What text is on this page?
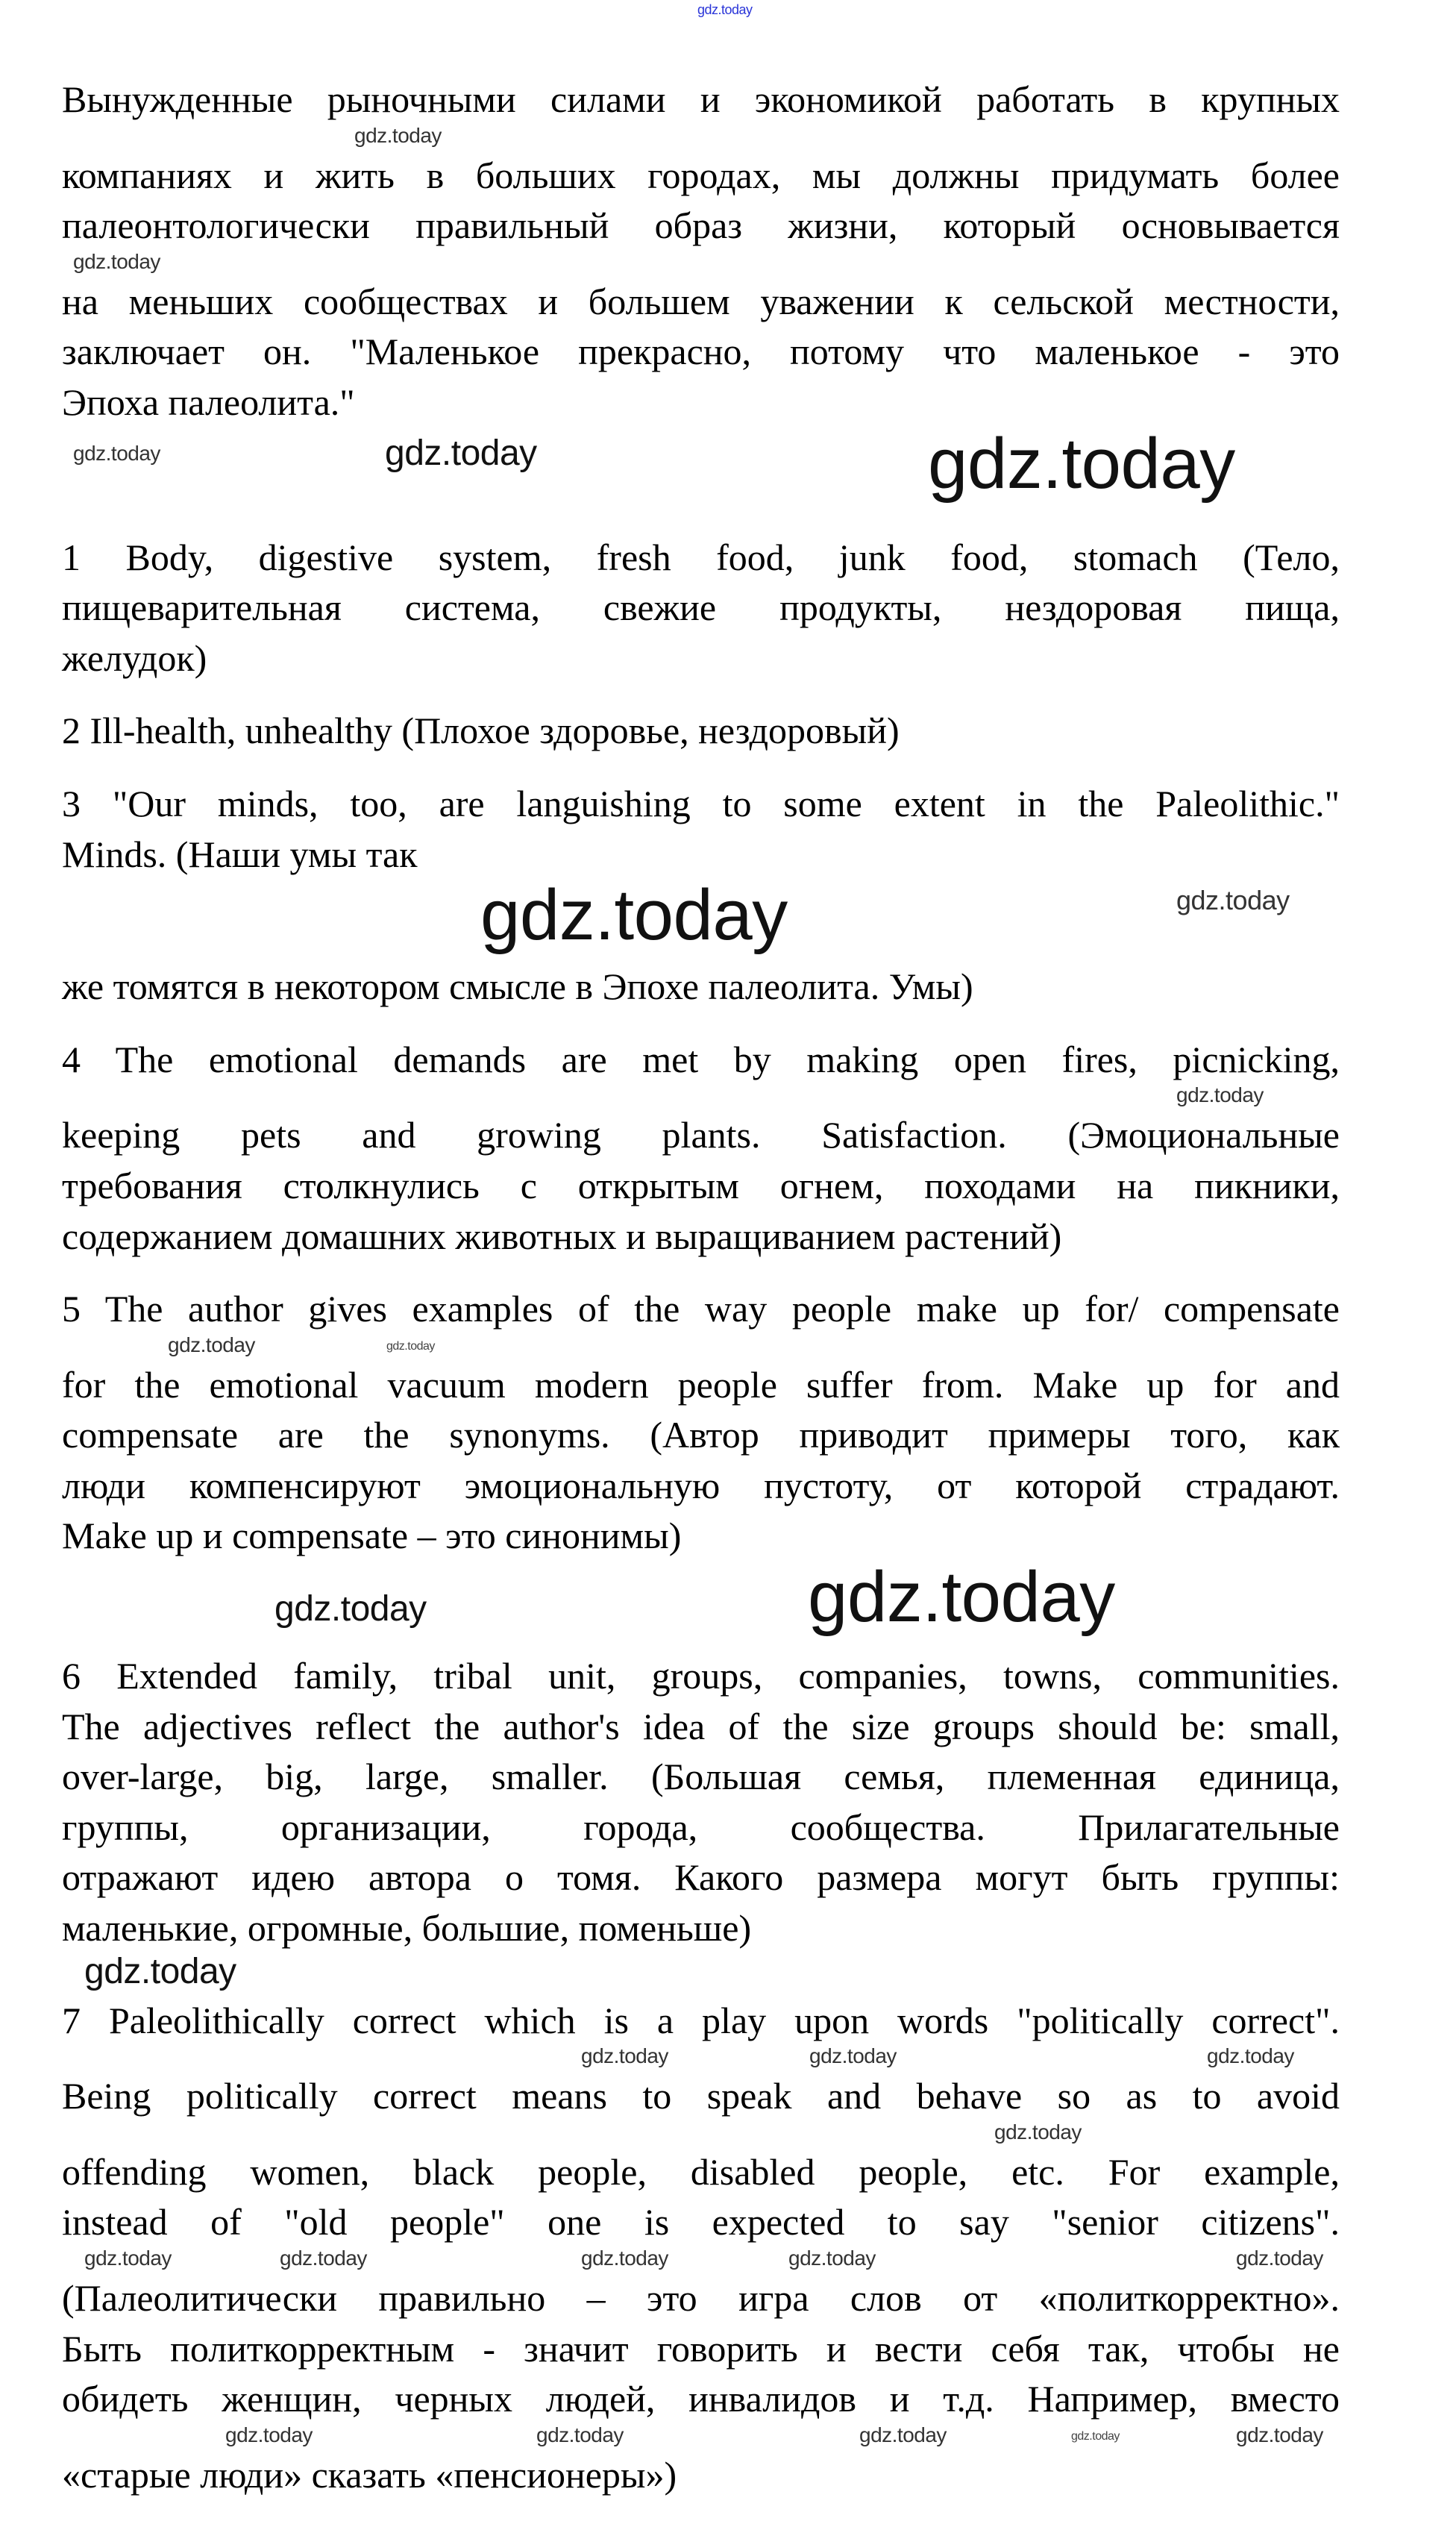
gdz.today
Вынужденные рыночными силами и экономикой работать в крупных
gdz.today
компаниях и жить в больших городах, мы должны придумать более
палеонтологически правильный образ жизни, который основывается
gdz.today
на меньших сообществах и большем уважении к сельской местности,
заключает он. "Маленькое прекрасно, потому что маленькое - это
Эпоха палеолита."
gdz.today	gdz.today	gdz.today
1 Body, digestive system, fresh food, junk food, stomach (Тело,
пищеварительная система, свежие продукты, нездоровая пища,
желудок)
2 Ill-health, unhealthy (Плохое здоровье, нездоровый)
3 "Our minds, too, are languishing to some extent in the Paleolithic."
Minds. (Наши умы так
gdz.today	gdz.today
же томятся в некотором смысле в Эпохе палеолита. Умы)
4 The emotional demands are met by making open fires, picnicking,
gdz.today
keeping pets and growing plants. Satisfaction. (Эмоциональные
требования столкнулись с открытым огнем, походами на пикники,
содержанием домашних животных и выращиванием растений)
5 The author gives examples of the way people make up for/ compensate
gdz.today	gdz.today
for the emotional vacuum modern people suffer from. Make up for and
compensate are the synonyms. (Автор приводит примеры того, как
люди компенсируют эмоциональную пустоту, от которой страдают.
Make up и compensate – это синонимы)
gdz.today	gdz.today
6 Extended family, tribal unit, groups, companies, towns, communities.
The adjectives reflect the author's idea of the size groups should be: small,
over-large, big, large, smaller. (Большая семья, племенная единица,
группы, организации, города, сообщества. Прилагательные
отражают идею автора о томя. Какого размера могут быть группы:
маленькие, огромные, большие, поменьше)
gdz.today
7 Paleolithically correct which is a play upon words "politically correct".
gdz.today	gdz.today	gdz.today
Being politically correct means to speak and behave so as to avoid
gdz.today
offending women, black people, disabled people, etc. For example,
instead of "old people" one is expected to say "senior citizens".
gdz.today	gdz.today	gdz.today	gdz.today	gdz.today
(Палеолитически правильно – это игра слов от «политкорректно».
Быть политкорректным - значит говорить и вести себя так, чтобы не
обидеть женщин, черных людей, инвалидов и т.д. Например, вместо
gdz.today	gdz.today	gdz.today	gdz.today	gdz.today
«старые люди» сказать «пенсионеры»)
